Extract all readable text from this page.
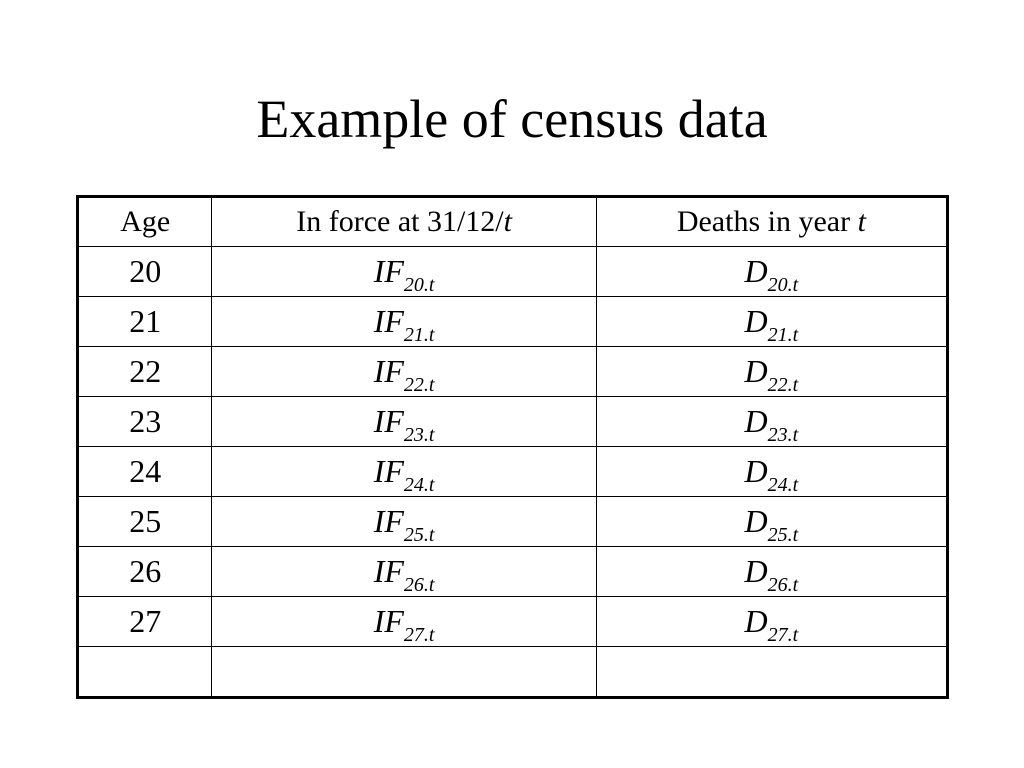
Example of census data
Age	In force at 31/12/t	Deaths in year t
20	$IF_{20.t}$	$D_{20.t}$
21	$IF_{21.t}$	$D_{21.t}$
22	$IF_{22.t}$	$D_{22.t}$
23	$IF_{23.t}$	$D_{23.t}$
24	$IF_{24.t}$	$D_{24.t}$
25	$IF_{25.t}$	$D_{25.t}$
26	$IF_{26.t}$	$D_{26.t}$
27	$IF_{27.t}$	$D_{27.t}$
